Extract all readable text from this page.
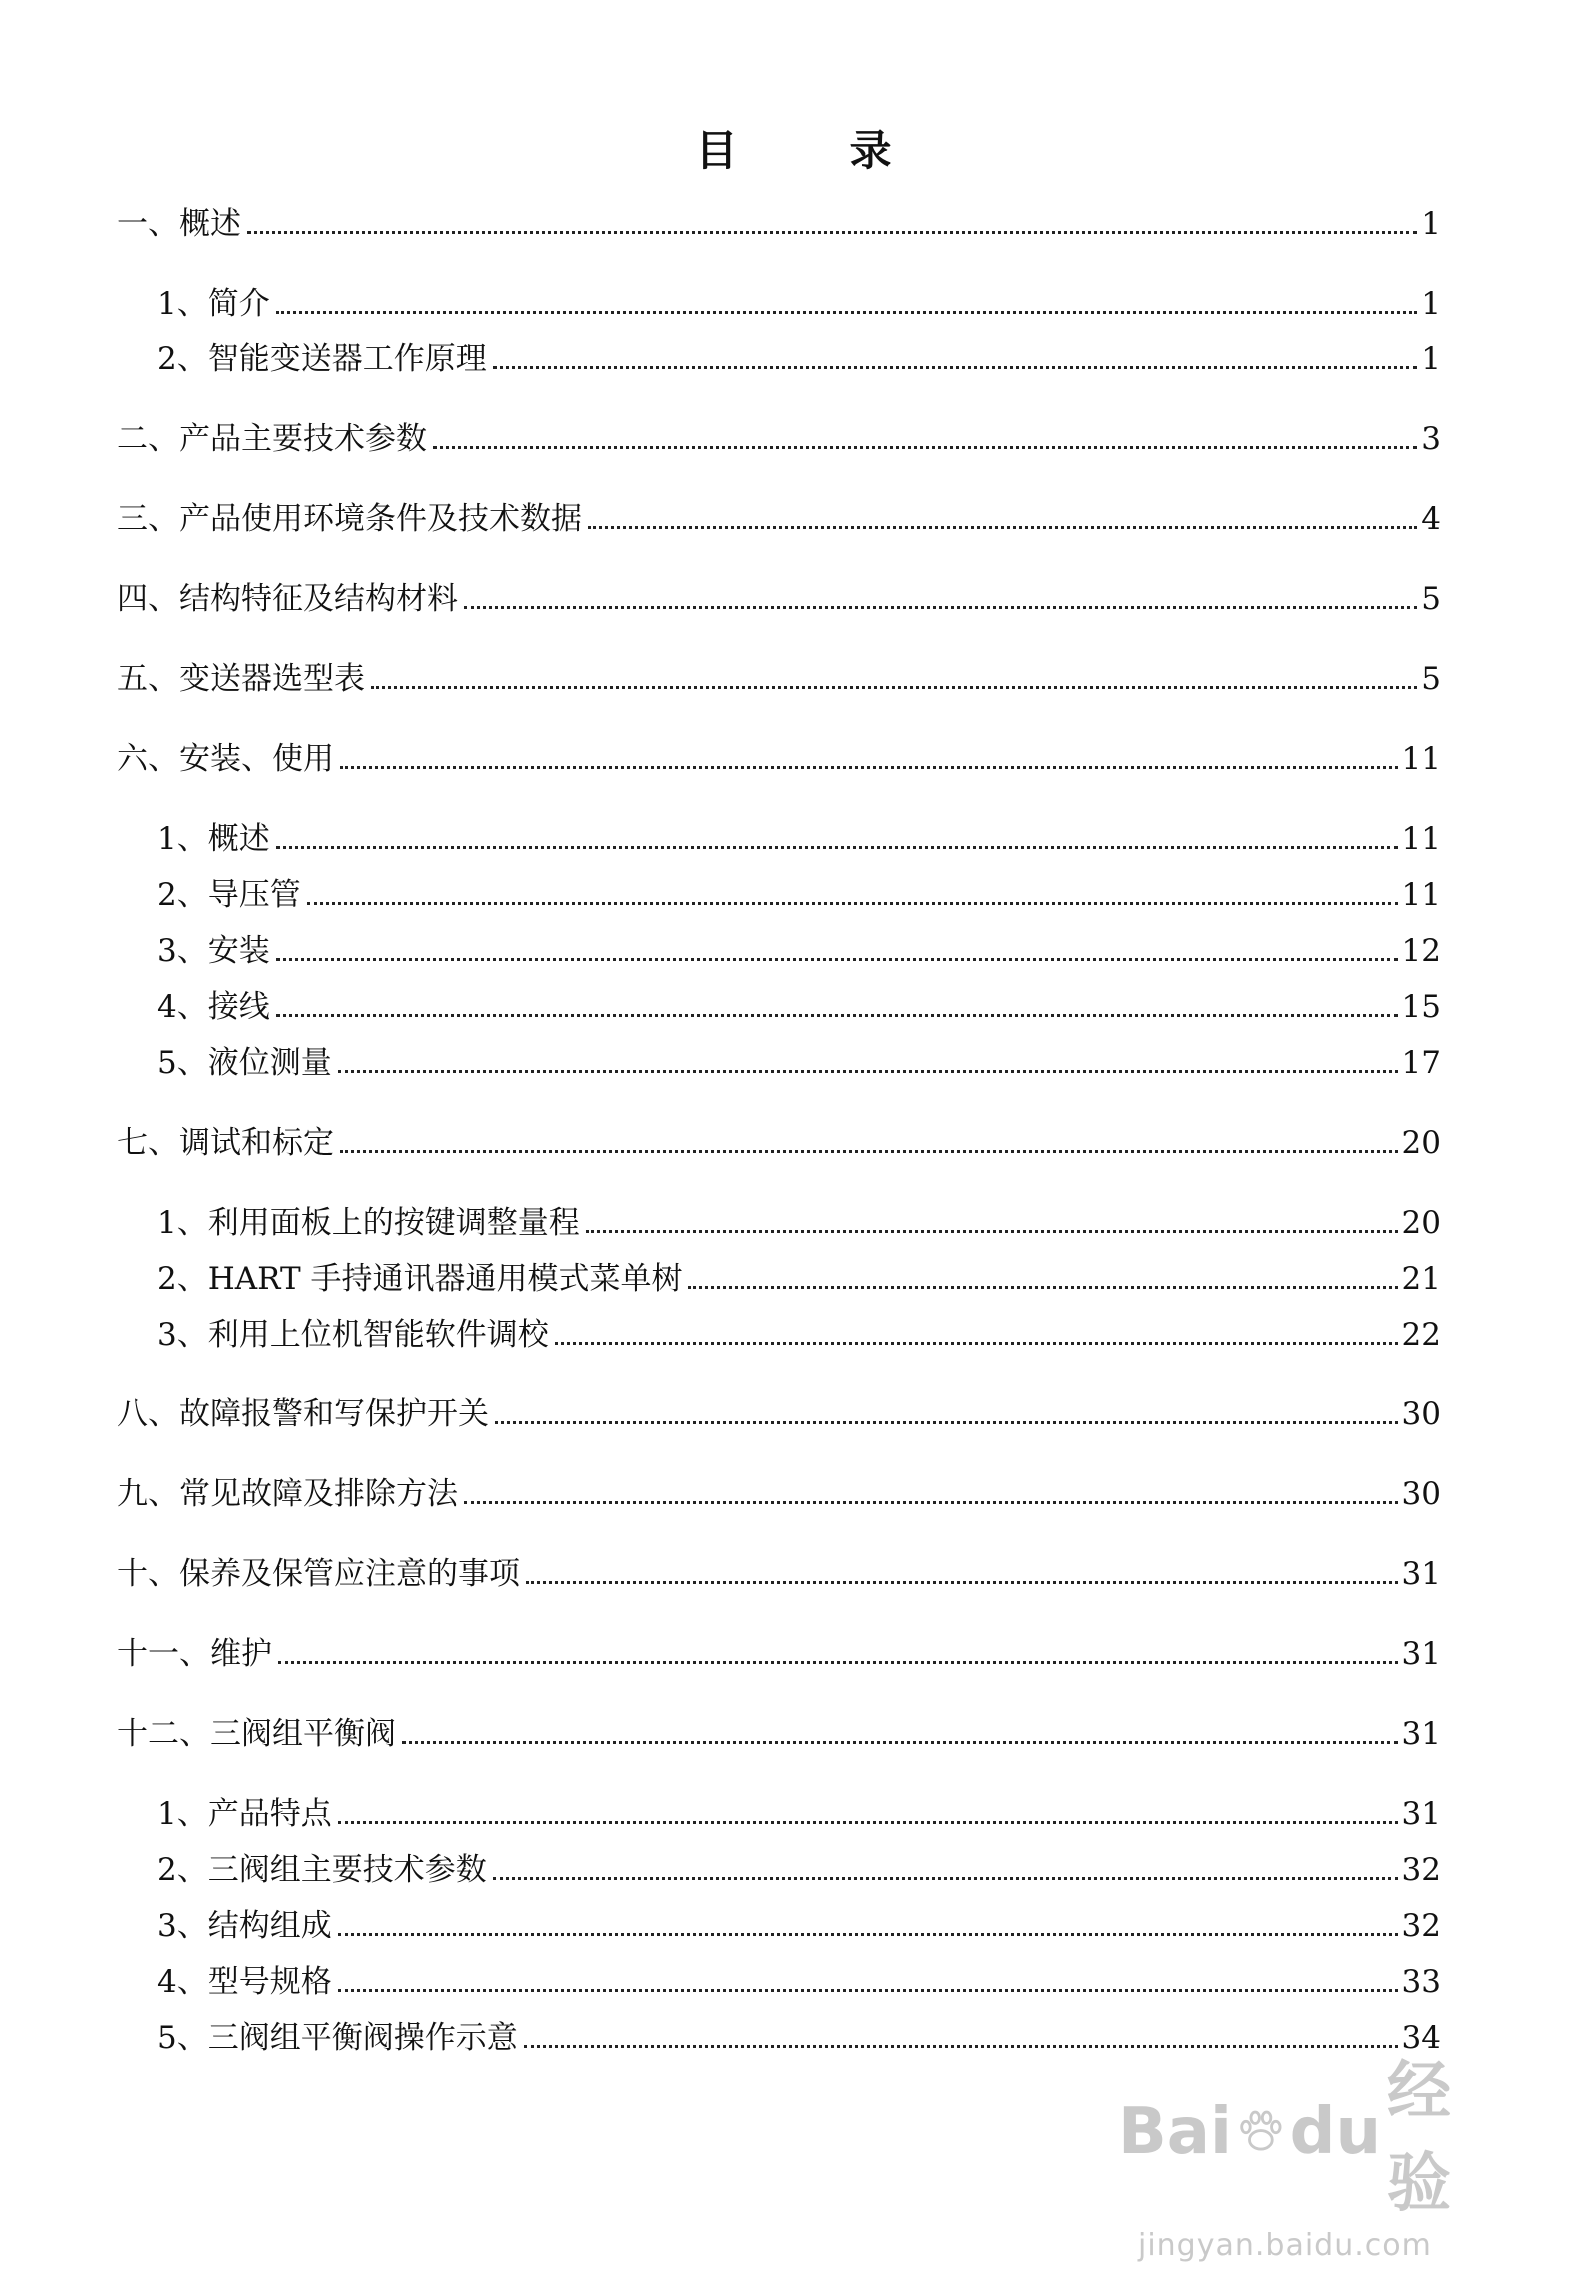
目	录
一、概述	1
1、简介	1
2、智能变送器工作原理	1
二、产品主要技术参数	3
三、产品使用环境条件及技术数据	4
四、结构特征及结构材料	5
五、变送器选型表	5
六、安装、使用	11
1、概述	11
2、导压管	11
3、安装	12
4、接线	15
5、液位测量	17
七、调试和标定	20
1、利用面板上的按键调整量程	20
2、HART 手持通讯器通用模式菜单树	21
3、利用上位机智能软件调校	22
八、故障报警和写保护开关	30
九、常见故障及排除方法	30
十、保养及保管应注意的事项	31
十一、维护	31
十二、三阀组平衡阀	31
1、产品特点	31
2、三阀组主要技术参数	32
3、结构组成	32
4、型号规格	33
5、三阀组平衡阀操作示意	34
Bai du
经验
jingyan.baidu.com
